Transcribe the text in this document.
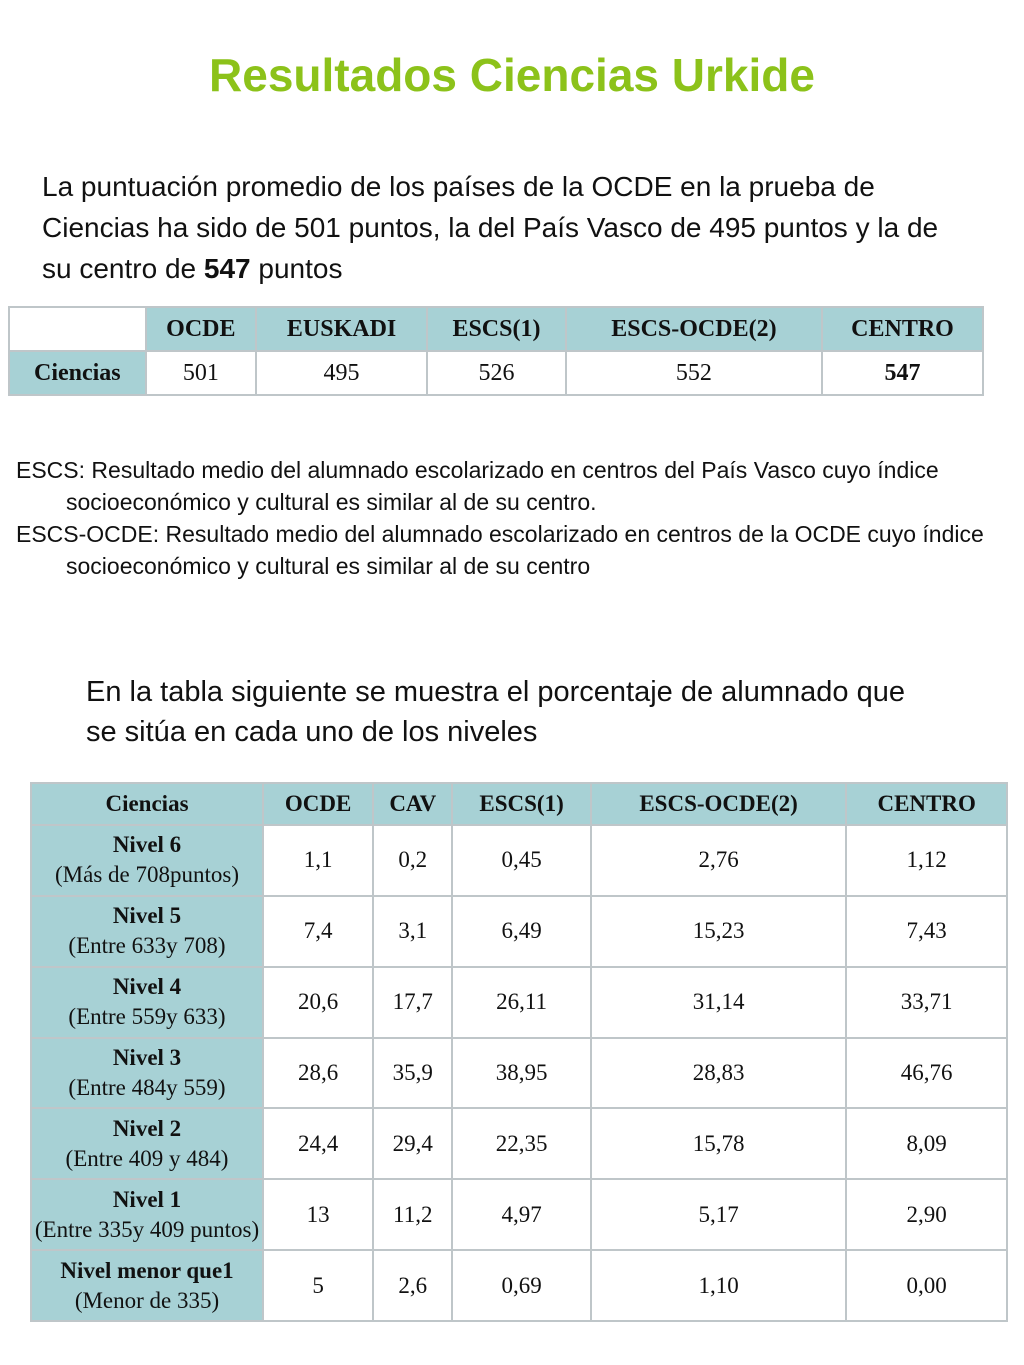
Resultados Ciencias Urkide

La puntuación promedio de los países de la OCDE en la prueba de Ciencias ha sido de 501 puntos, la del País Vasco de 495 puntos y la de su centro de 547 puntos

	OCDE	EUSKADI	ESCS(1)	ESCS-OCDE(2)	CENTRO
Ciencias	501	495	526	552	547

ESCS: Resultado medio del alumnado escolarizado en centros del País Vasco cuyo índice socioeconómico y cultural es similar al de su centro.

ESCS-OCDE: Resultado medio del alumnado escolarizado en centros de la OCDE cuyo índice socioeconómico y cultural es similar al de su centro

En la tabla siguiente se muestra el porcentaje de alumnado que se sitúa en cada uno de los niveles

Ciencias	OCDE	CAV	ESCS(1)	ESCS-OCDE(2)	CENTRO

Nivel 6
(Más de 708puntos)	1,1	0,2	0,45	2,76	1,12

Nivel 5
(Entre 633y 708)	7,4	3,1	6,49	15,23	7,43

Nivel 4
(Entre 559y 633)	20,6	17,7	26,11	31,14	33,71

Nivel 3
(Entre 484y 559)	28,6	35,9	38,95	28,83	46,76

Nivel 2
(Entre 409 y 484)	24,4	29,4	22,35	15,78	8,09

Nivel 1
(Entre 335y 409 puntos)	13	11,2	4,97	5,17	2,90

Nivel menor que1
(Menor de 335)	5	2,6	0,69	1,10	0,00
